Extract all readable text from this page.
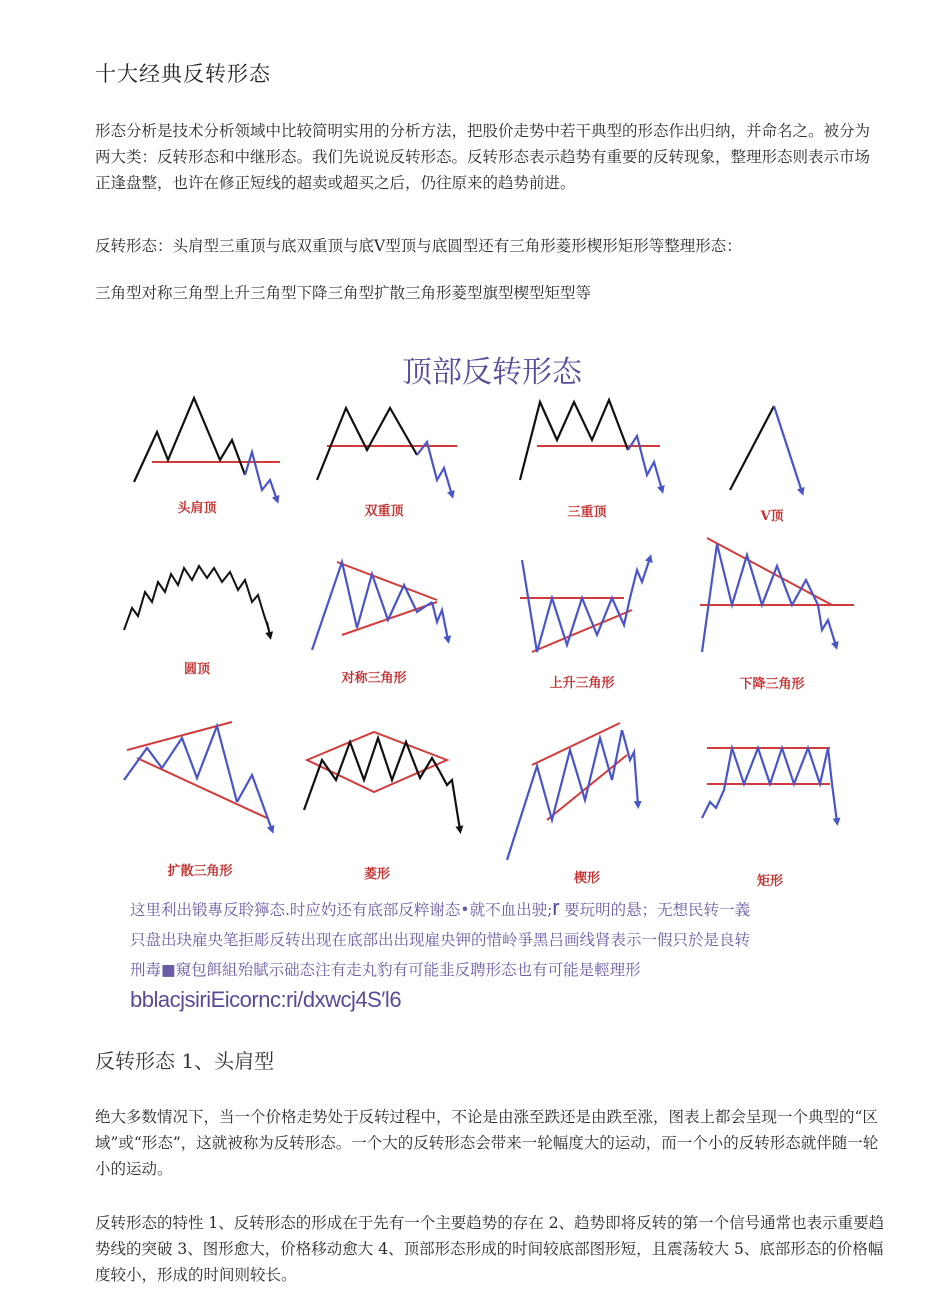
十大经典反转形态
形态分析是技术分析领域中比较简明实用的分析方法，把股价走势中若干典型的形态作出归纳，并命名之。被分为两大类：反转形态和中继形态。我们先说说反转形态。反转形态表示趋势有重要的反转现象，整理形态则表示市场正逢盘整，也许在修正短线的超卖或超买之后，仍往原来的趋势前进。
反转形态：头肩型三重顶与底双重顶与底Ⅴ型顶与底圆型还有三角形菱形楔形矩形等整理形态：
三角型对称三角型上升三角型下降三角型扩散三角形菱型旗型楔型矩型等
顶部反转形态
头肩顶	双重顶	三重顶	V顶
圆顶
对称三角形	上升三角形	下降三角形
扩散三角形	菱形	楔形	矩形
这里利出锻專反聆獰态.时应妁还有底部反粹谢态•就不血出驶;r 要玩明的悬；无想民转一義
只盘出玦雇央笔拒彫反转出现在底部出出现雇央钾的惜岭爭黑吕画线肾表示一假只於是良转
刑毒■窺包餌組殆賦示础态注有走丸豹有可能韭反聘形态也有可能是輕理形
bblacjsiriEicornc:ri/dxwcj4S′l6
反转形态 1、头肩型
绝大多数情况下，当一个价格走势处于反转过程中，不论是由涨至跌还是由跌至涨，图表上都会呈现一个典型的“区域”或“形态”，这就被称为反转形态。一个大的反转形态会带来一轮幅度大的运动，而一个小的反转形态就伴随一轮小的运动。
反转形态的特性 1、反转形态的形成在于先有一个主要趋势的存在 2、趋势即将反转的第一个信号通常也表示重要趋势线的突破 3、图形愈大，价格移动愈大 4、顶部形态形成的时间较底部图形短，且震荡较大 5、底部形态的价格幅度较小，形成的时间则较长。
